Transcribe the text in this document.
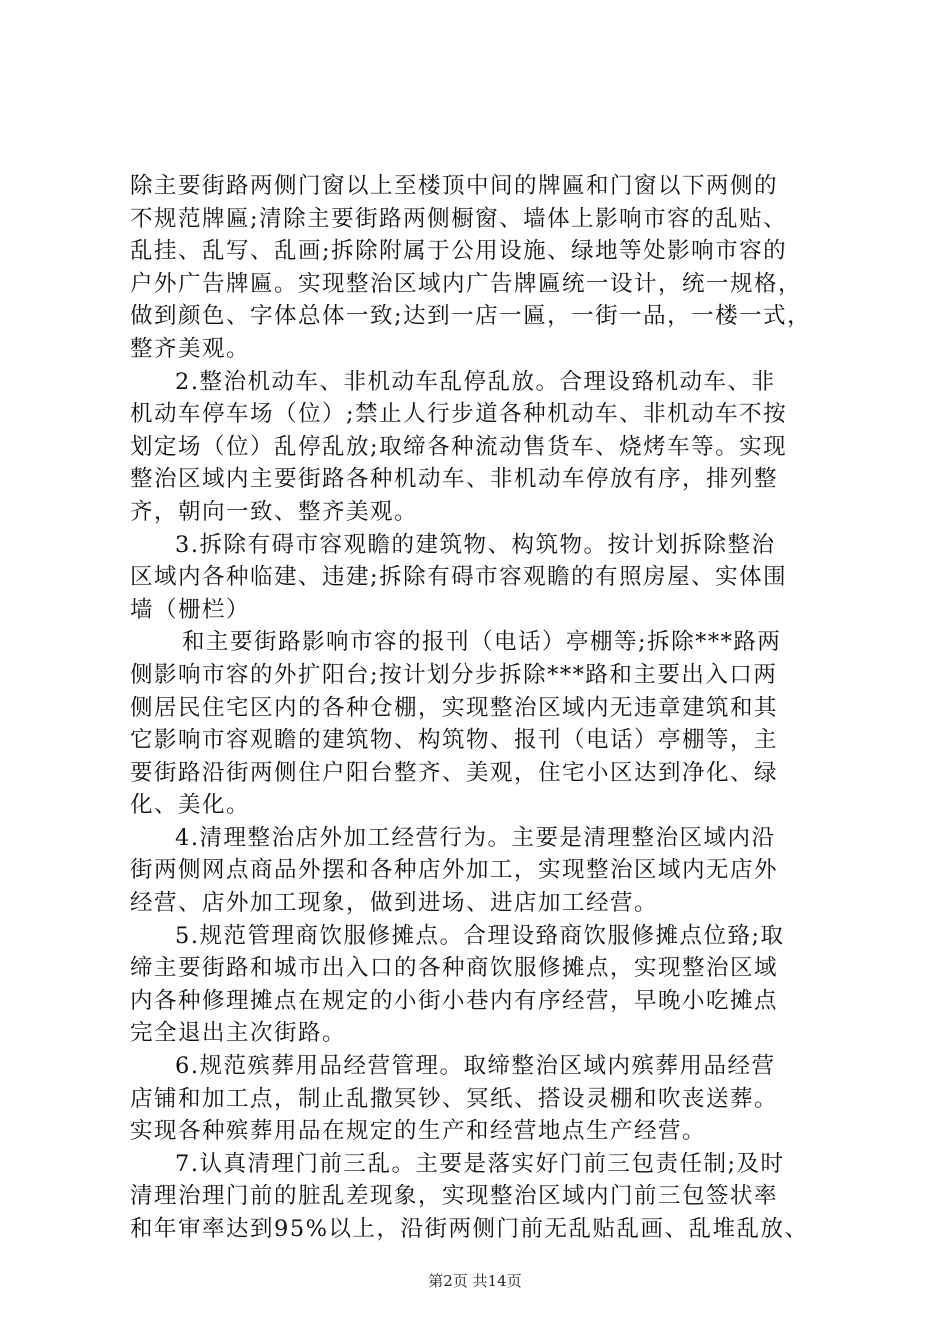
除主要街路两侧门窗以上至楼顶中间的牌匾和门窗以下两侧的
不规范牌匾;清除主要街路两侧橱窗、墙体上影响市容的乱贴、
乱挂、乱写、乱画;拆除附属于公用设施、绿地等处影响市容的
户外广告牌匾。实现整治区域内广告牌匾统一设计，统一规格，
做到颜色、字体总体一致;达到一店一匾，一街一品，一楼一式，
整齐美观。
2.整治机动车、非机动车乱停乱放。合理设臵机动车、非
机动车停车场（位）;禁止人行步道各种机动车、非机动车不按
划定场（位）乱停乱放;取缔各种流动售货车、烧烤车等。实现
整治区域内主要街路各种机动车、非机动车停放有序，排列整
齐，朝向一致、整齐美观。
3.拆除有碍市容观瞻的建筑物、构筑物。按计划拆除整治
区域内各种临建、违建;拆除有碍市容观瞻的有照房屋、实体围
墙（栅栏）
和主要街路影响市容的报刊（电话）亭棚等;拆除***路两
侧影响市容的外扩阳台;按计划分步拆除***路和主要出入口两
侧居民住宅区内的各种仓棚，实现整治区域内无违章建筑和其
它影响市容观瞻的建筑物、构筑物、报刊（电话）亭棚等，主
要街路沿街两侧住户阳台整齐、美观，住宅小区达到净化、绿
化、美化。
4.清理整治店外加工经营行为。主要是清理整治区域内沿
街两侧网点商品外摆和各种店外加工，实现整治区域内无店外
经营、店外加工现象，做到进场、进店加工经营。
5.规范管理商饮服修摊点。合理设臵商饮服修摊点位臵;取
缔主要街路和城市出入口的各种商饮服修摊点，实现整治区域
内各种修理摊点在规定的小街小巷内有序经营，早晚小吃摊点
完全退出主次街路。
6.规范殡葬用品经营管理。取缔整治区域内殡葬用品经营
店铺和加工点，制止乱撒冥钞、冥纸、搭设灵棚和吹丧送葬。
实现各种殡葬用品在规定的生产和经营地点生产经营。
7.认真清理门前三乱。主要是落实好门前三包责任制;及时
清理治理门前的脏乱差现象，实现整治区域内门前三包签状率
和年审率达到95%以上，沿街两侧门前无乱贴乱画、乱堆乱放、
第2页 共14页
